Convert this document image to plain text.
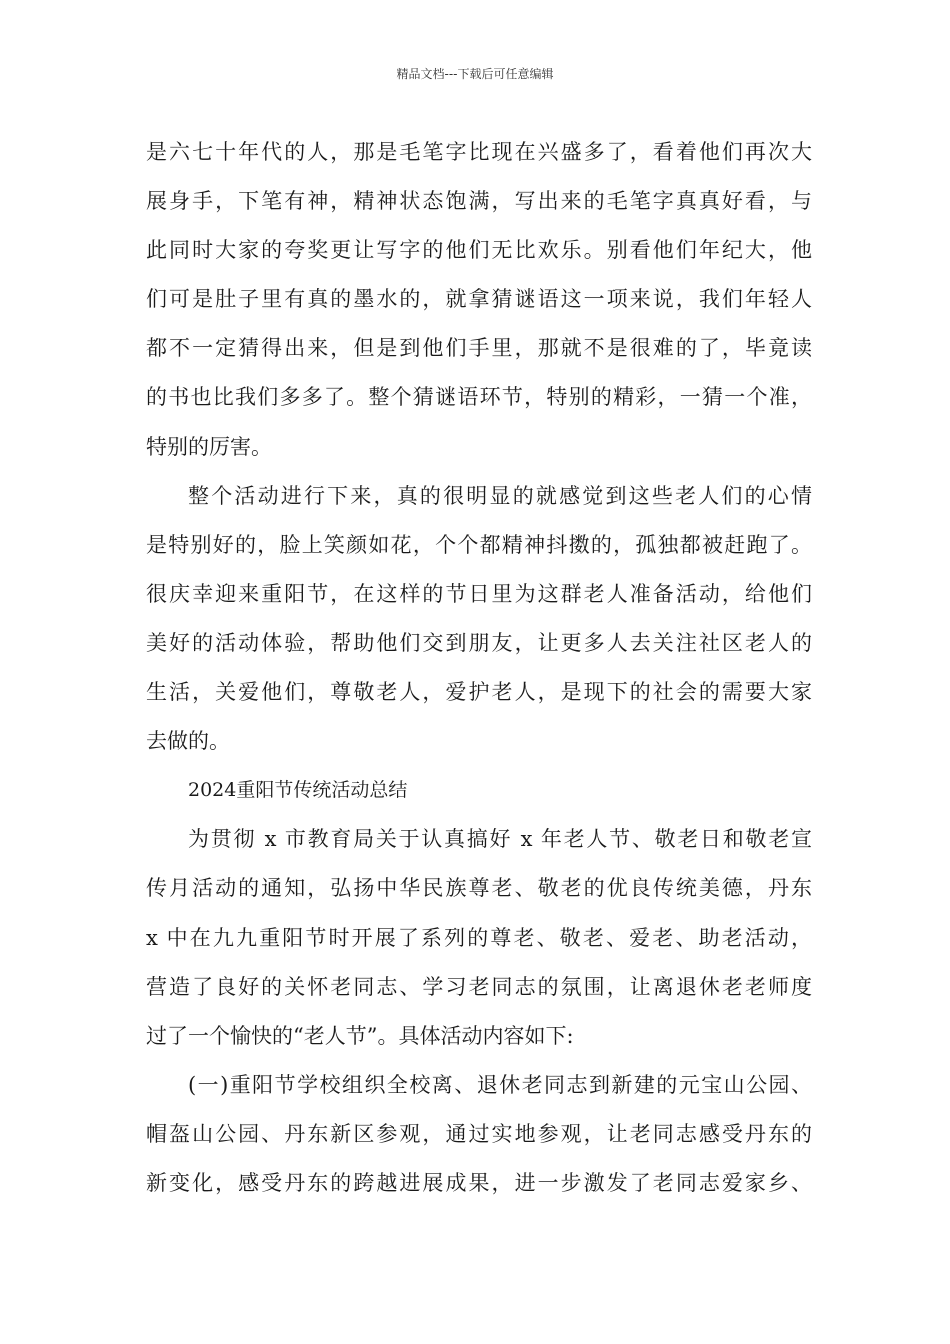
精品文档---下载后可任意编辑
是六七十年代的人，那是毛笔字比现在兴盛多了，看着他们再次大
展身手，下笔有神，精神状态饱满，写出来的毛笔字真真好看，与
此同时大家的夸奖更让写字的他们无比欢乐。别看他们年纪大，他
们可是肚子里有真的墨水的，就拿猜谜语这一项来说，我们年轻人
都不一定猜得出来，但是到他们手里，那就不是很难的了，毕竟读
的书也比我们多多了。整个猜谜语环节，特别的精彩，一猜一个准，
特别的厉害。
整个活动进行下来，真的很明显的就感觉到这些老人们的心情
是特别好的，脸上笑颜如花，个个都精神抖擞的，孤独都被赶跑了。
很庆幸迎来重阳节，在这样的节日里为这群老人准备活动，给他们
美好的活动体验，帮助他们交到朋友，让更多人去关注社区老人的
生活，关爱他们，尊敬老人，爱护老人，是现下的社会的需要大家
去做的。
2024重阳节传统活动总结
为贯彻 x 市教育局关于认真搞好 x 年老人节、敬老日和敬老宣
传月活动的通知，弘扬中华民族尊老、敬老的优良传统美德，丹东
x 中在九九重阳节时开展了系列的尊老、敬老、爱老、助老活动，
营造了良好的关怀老同志、学习老同志的氛围，让离退休老老师度
过了一个愉快的“老人节”。具体活动内容如下:
(一)重阳节学校组织全校离、退休老同志到新建的元宝山公园、
帽盔山公园、丹东新区参观，通过实地参观，让老同志感受丹东的
新变化，感受丹东的跨越进展成果，进一步激发了老同志爱家乡、
